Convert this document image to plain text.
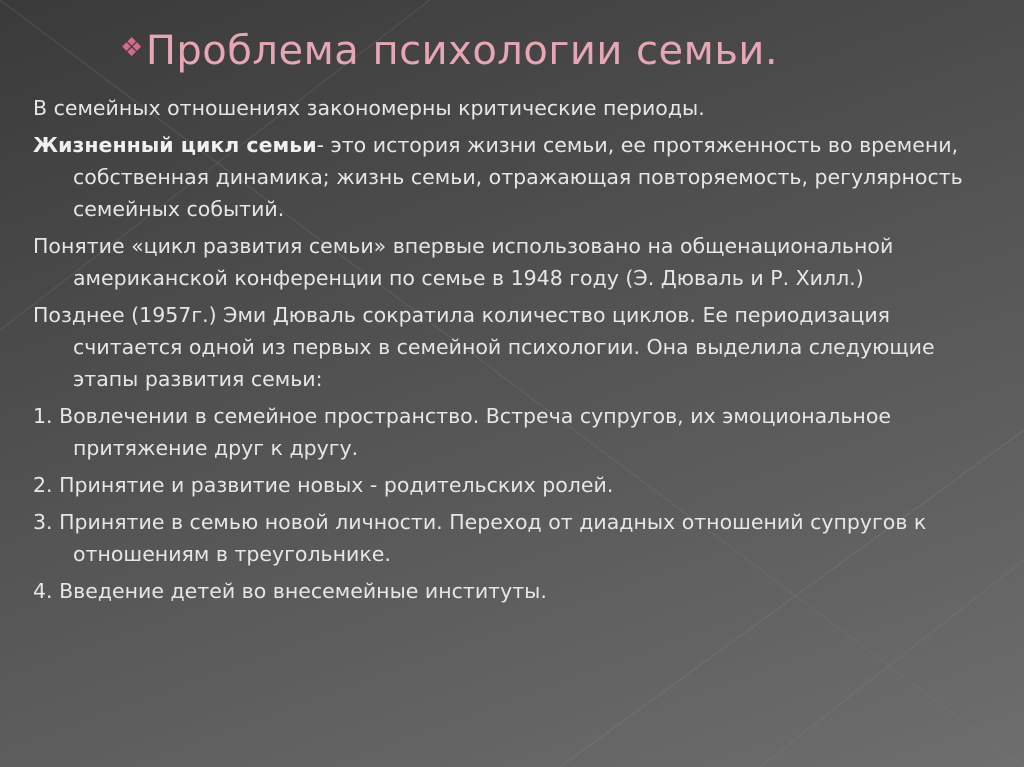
❖Проблема психологии семьи.

В семейных отношениях закономерны критические периоды.

Жизненный цикл семьи- это история жизни семьи, ее протяженность во времени, собственная динамика; жизнь семьи, отражающая повторяемость, регулярность семейных событий.

Понятие «цикл развития семьи» впервые использовано на общенациональной американской конференции по семье в 1948 году (Э. Дюваль и Р. Хилл.)

Позднее (1957г.) Эми Дюваль сократила количество циклов. Ее периодизация считается одной из первых в семейной психологии. Она выделила следующие этапы развития семьи:

1. Вовлечении в семейное пространство. Встреча супругов, их эмоциональное притяжение друг к другу.

2. Принятие и развитие новых - родительских ролей.

3. Принятие в семью новой личности. Переход от диадных отношений супругов к отношениям в треугольнике.

4. Введение детей во внесемейные институты.
